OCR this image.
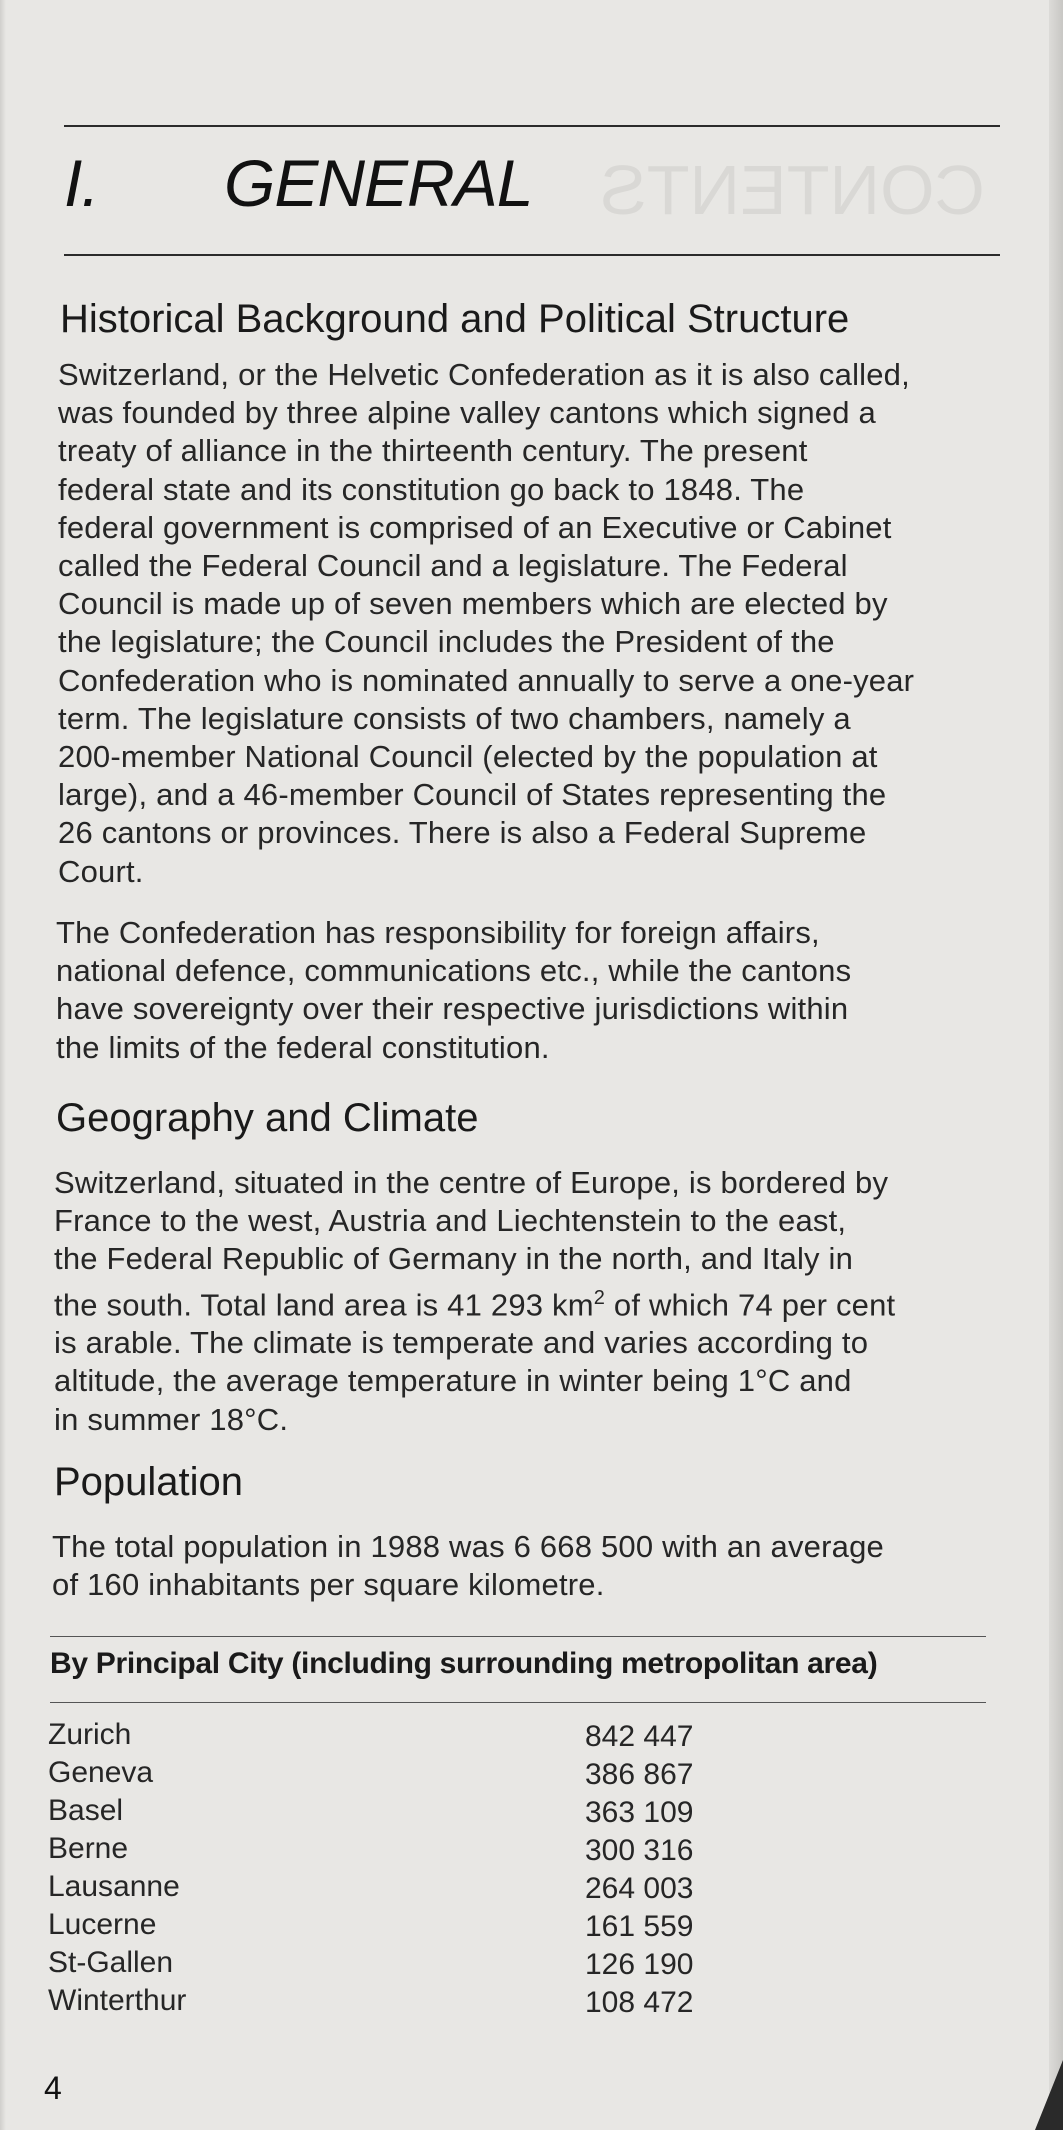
CONTENTS
I. GENERAL
Historical Background and Political Structure
Switzerland, or the Helvetic Confederation as it is also called,
was founded by three alpine valley cantons which signed a
treaty of alliance in the thirteenth century. The present
federal state and its constitution go back to 1848. The
federal government is comprised of an Executive or Cabinet
called the Federal Council and a legislature. The Federal
Council is made up of seven members which are elected by
the legislature; the Council includes the President of the
Confederation who is nominated annually to serve a one-year
term. The legislature consists of two chambers, namely a
200-member National Council (elected by the population at
large), and a 46-member Council of States representing the
26 cantons or provinces. There is also a Federal Supreme
Court.
The Confederation has responsibility for foreign affairs,
national defence, communications etc., while the cantons
have sovereignty over their respective jurisdictions within
the limits of the federal constitution.
Geography and Climate
Switzerland, situated in the centre of Europe, is bordered by
France to the west, Austria and Liechtenstein to the east,
the Federal Republic of Germany in the north, and Italy in
the south. Total land area is 41 293 $km^2$ of which 74 per cent
is arable. The climate is temperate and varies according to
altitude, the average temperature in winter being 1°C and
in summer 18°C.
Population
The total population in 1988 was 6 668 500 with an average
of 160 inhabitants per square kilometre.
By Principal City (including surrounding metropolitan area)
Zurich	842 447
Geneva	386 867
Basel	363 109
Berne	300 316
Lausanne	264 003
Lucerne	161 559
St-Gallen	126 190
Winterthur	108 472
4
